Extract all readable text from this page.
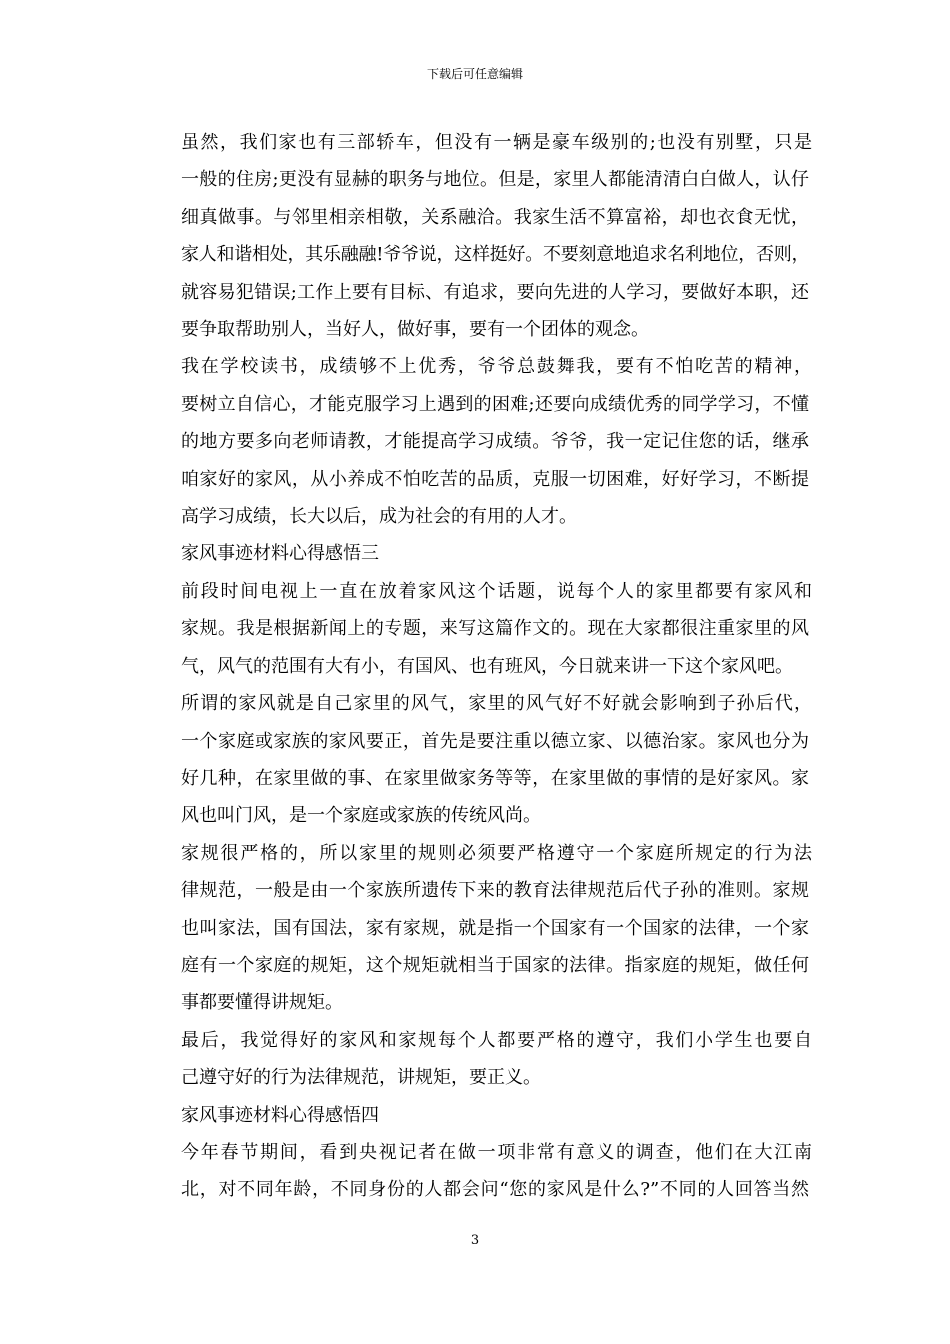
下载后可任意编辑

虽然，我们家也有三部轿车，但没有一辆是豪车级别的;也没有别墅，只是
一般的住房;更没有显赫的职务与地位。但是，家里人都能清清白白做人，认仔
细真做事。与邻里相亲相敬，关系融洽。我家生活不算富裕，却也衣食无忧，
家人和谐相处，其乐融融!爷爷说，这样挺好。不要刻意地追求名利地位，否则，
就容易犯错误;工作上要有目标、有追求，要向先进的人学习，要做好本职，还
要争取帮助别人，当好人，做好事，要有一个团体的观念。

我在学校读书，成绩够不上优秀，爷爷总鼓舞我，要有不怕吃苦的精神，
要树立自信心，才能克服学习上遇到的困难;还要向成绩优秀的同学学习，不懂
的地方要多向老师请教，才能提高学习成绩。爷爷，我一定记住您的话，继承
咱家好的家风，从小养成不怕吃苦的品质，克服一切困难，好好学习，不断提
高学习成绩，长大以后，成为社会的有用的人才。

家风事迹材料心得感悟三

前段时间电视上一直在放着家风这个话题，说每个人的家里都要有家风和
家规。我是根据新闻上的专题，来写这篇作文的。现在大家都很注重家里的风
气，风气的范围有大有小，有国风、也有班风，今日就来讲一下这个家风吧。

所谓的家风就是自己家里的风气，家里的风气好不好就会影响到子孙后代，
一个家庭或家族的家风要正，首先是要注重以德立家、以德治家。家风也分为
好几种，在家里做的事、在家里做家务等等，在家里做的事情的是好家风。家
风也叫门风，是一个家庭或家族的传统风尚。

家规很严格的，所以家里的规则必须要严格遵守一个家庭所规定的行为法
律规范，一般是由一个家族所遗传下来的教育法律规范后代子孙的准则。家规
也叫家法，国有国法，家有家规，就是指一个国家有一个国家的法律，一个家
庭有一个家庭的规矩，这个规矩就相当于国家的法律。指家庭的规矩，做任何
事都要懂得讲规矩。

最后，我觉得好的家风和家规每个人都要严格的遵守，我们小学生也要自
己遵守好的行为法律规范，讲规矩，要正义。

家风事迹材料心得感悟四

今年春节期间，看到央视记者在做一项非常有意义的调查，他们在大江南
北，对不同年龄，不同身份的人都会问“您的家风是什么?”不同的人回答当然

3
